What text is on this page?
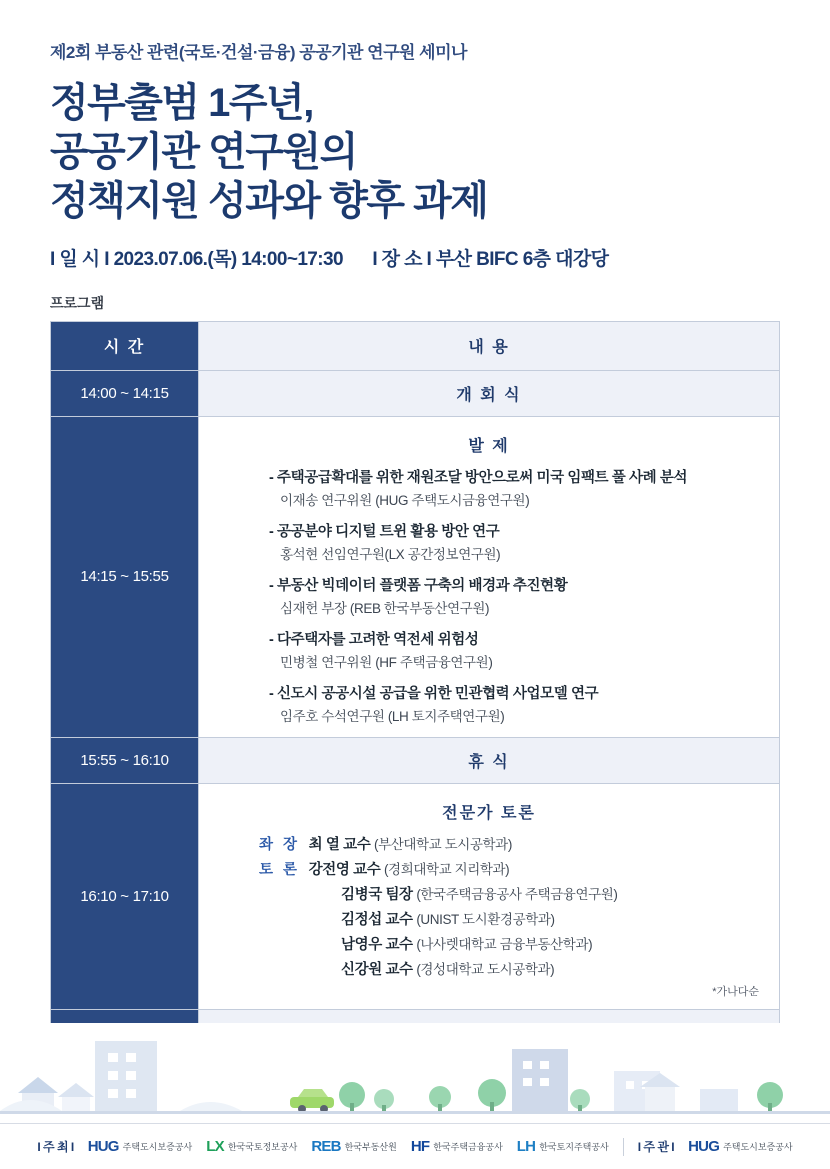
제2회 부동산 관련(국토·건설·금융) 공공기관 연구원 세미나
정부출범 1주년,
공공기관 연구원의
정책지원 성과와 향후 과제
I 일 시 I 2023.07.06.(목) 14:00~17:30 I 장 소 I 부산 BIFC 6층 대강당
프로그램
시 간	내 용
14:00 ~ 14:15	개 회 식
14:15 ~ 15:55	
발 제
- 주택공급확대를 위한 재원조달 방안으로써 미국 임팩트 풀 사례 분석
이재송 연구위원 (HUG 주택도시금융연구원)
- 공공분야 디지털 트윈 활용 방안 연구
홍석현 선임연구원(LX 공간정보연구원)
- 부동산 빅데이터 플랫폼 구축의 배경과 추진현황
심재헌 부장 (REB 한국부동산연구원)
- 다주택자를 고려한 역전세 위험성
민병철 연구위원 (HF 주택금융연구원)
- 신도시 공공시설 공급을 위한 민관협력 사업모델 연구
임주호 수석연구원 (LH 토지주택연구원)

15:55 ~ 16:10	휴 식
16:10 ~ 17:10	
전문가 토론
좌 장 최 열 교수 (부산대학교 도시공학과)
토 론 강전영 교수 (경희대학교 지리학과)
김병국 팀장 (한국주택금융공사 주택금융연구원)
김정섭 교수 (UNIST 도시환경공학과)
남영우 교수 (나사렛대학교 금융부동산학과)
신강원 교수 (경성대학교 도시공학과)
*가나다순

I 주 최 I HUG 주택도시보증공사 LX 한국국토정보공사 REB 한국부동산원 HF 한국주택금융공사 LH 한국토지주택공사 I 주 관 I HUG 주택도시보증공사
